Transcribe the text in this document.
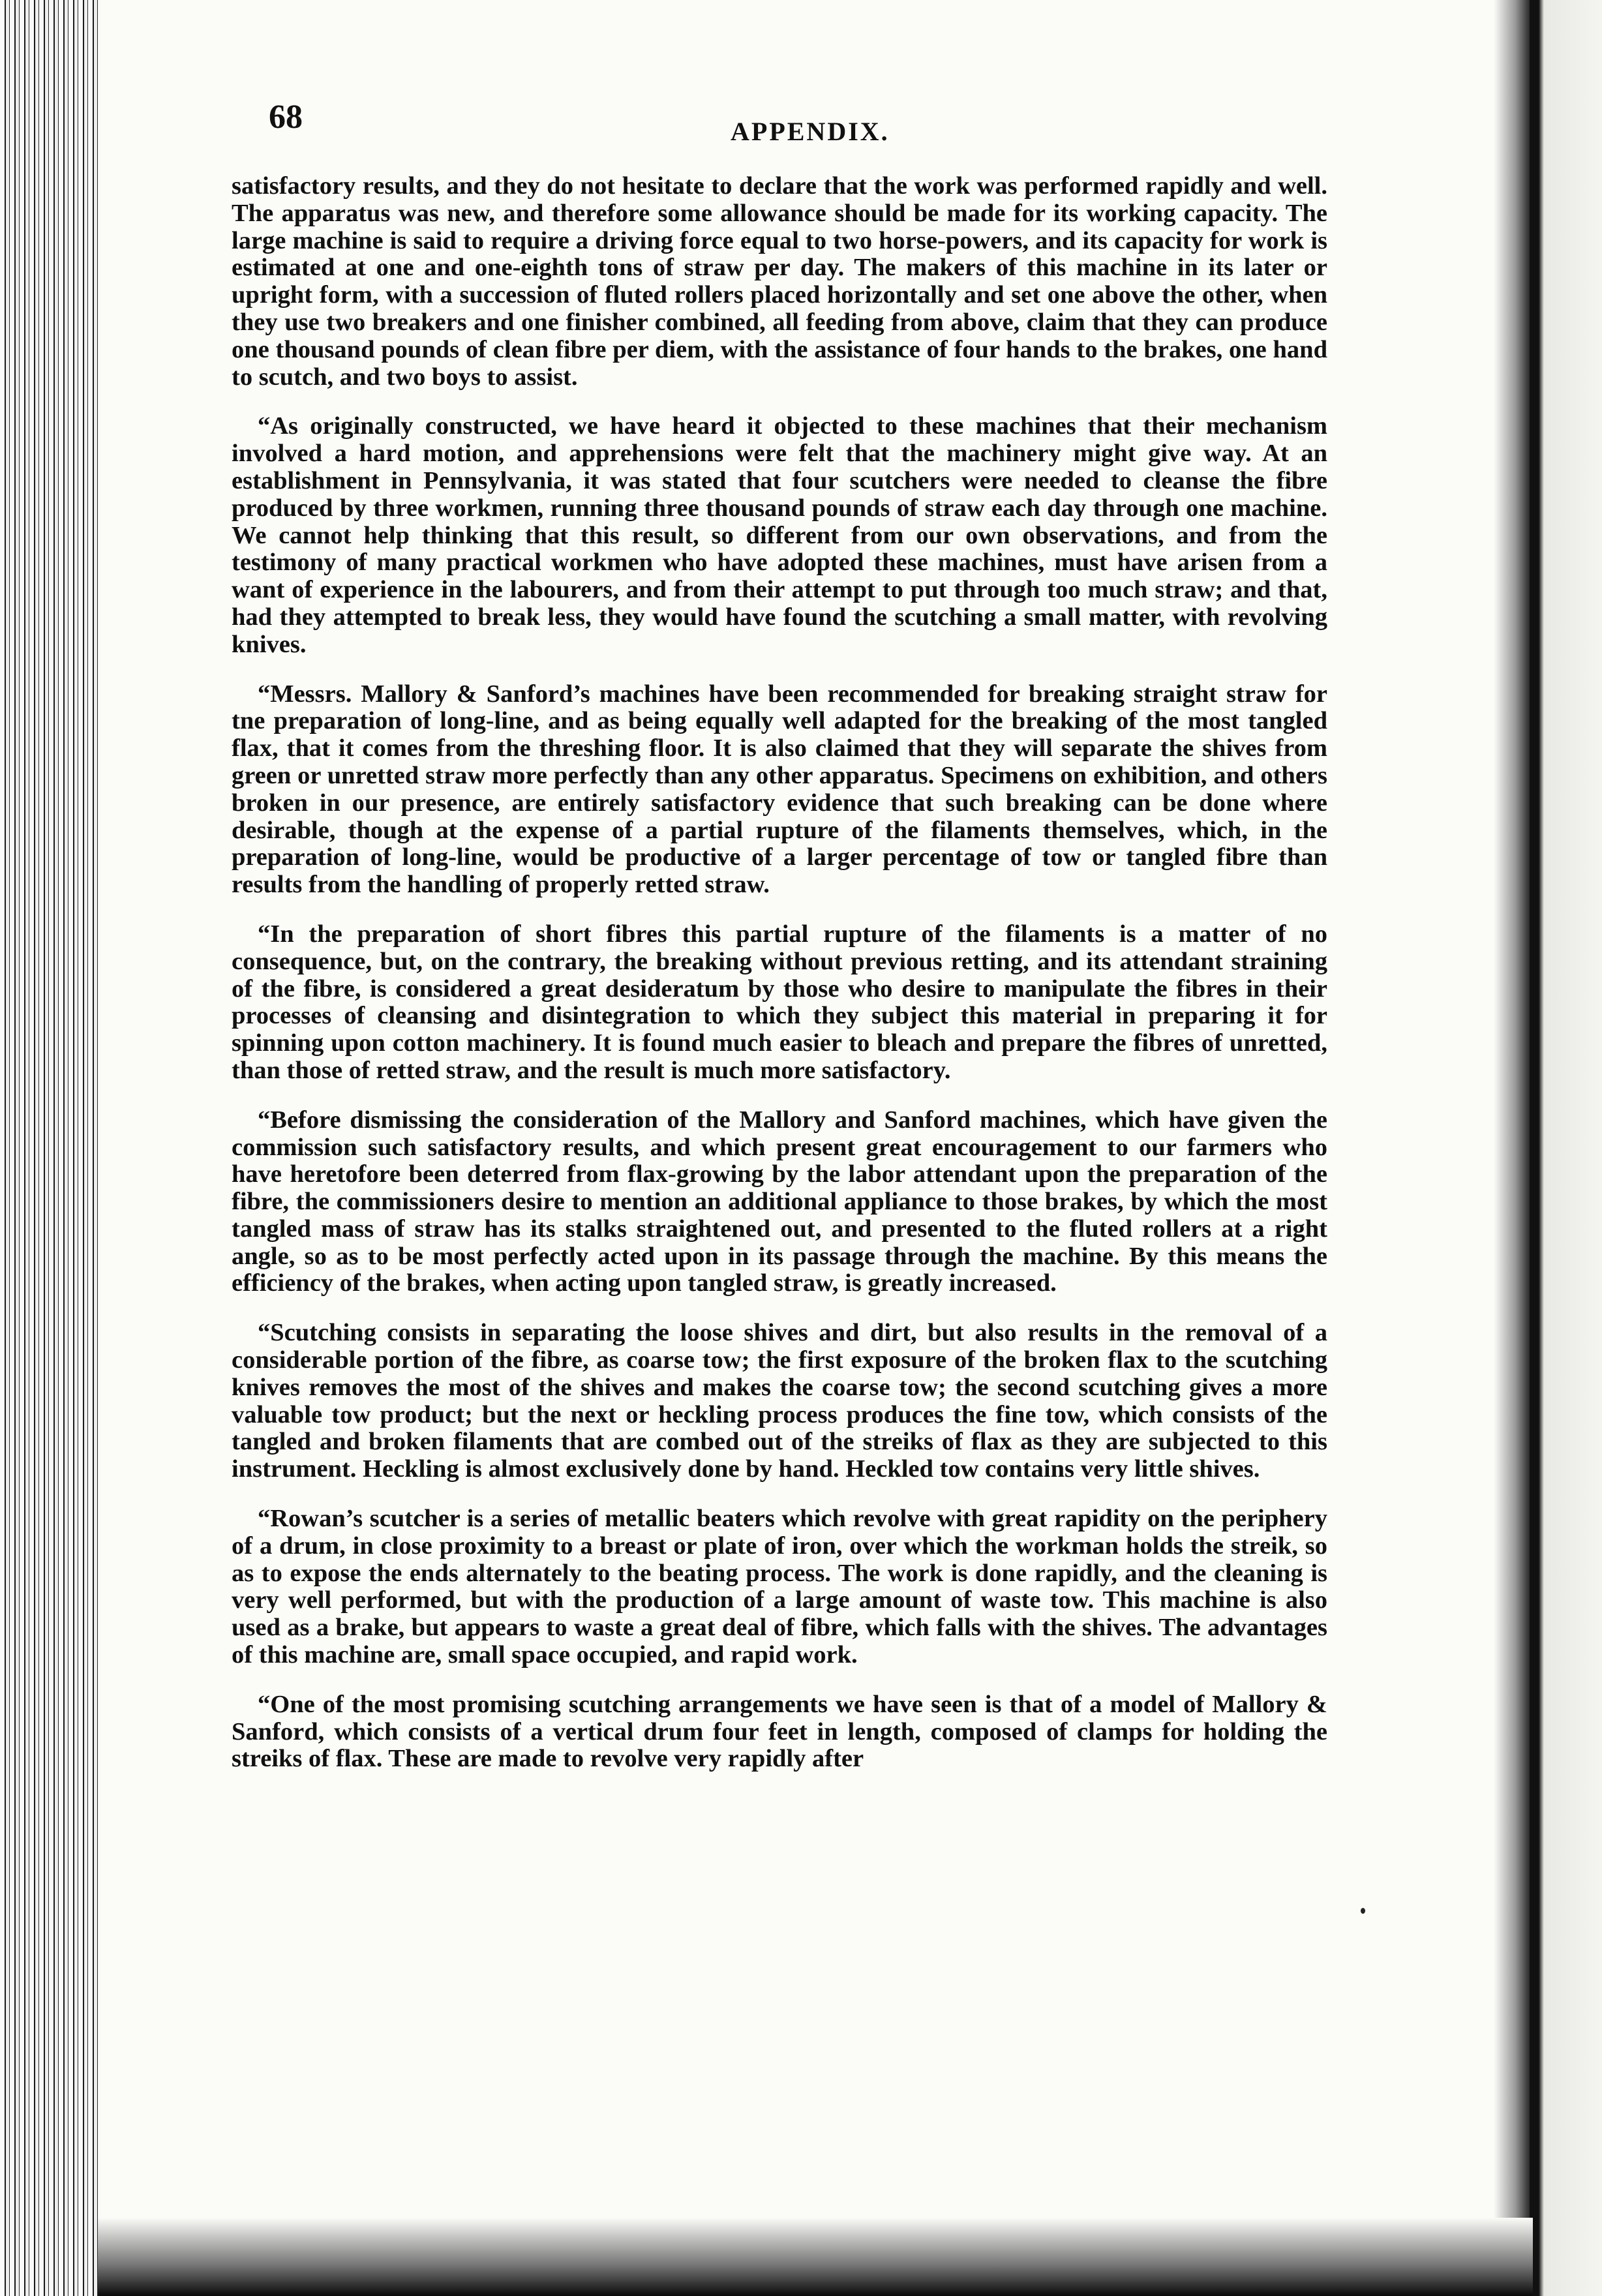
68	APPENDIX.

satisfactory results, and they do not hesitate to declare that the work was performed rapidly and well. The apparatus was new, and therefore some allowance should be made for its working capacity. The large machine is said to require a driving force equal to two horse-powers, and its capacity for work is estimated at one and one-eighth tons of straw per day. The makers of this machine in its later or upright form, with a succession of fluted rollers placed horizontally and set one above the other, when they use two breakers and one finisher combined, all feeding from above, claim that they can produce one thousand pounds of clean fibre per diem, with the assistance of four hands to the brakes, one hand to scutch, and two boys to assist.

“As originally constructed, we have heard it objected to these machines that their mechanism involved a hard motion, and apprehensions were felt that the machinery might give way. At an establishment in Pennsylvania, it was stated that four scutchers were needed to cleanse the fibre produced by three workmen, running three thousand pounds of straw each day through one machine. We cannot help thinking that this result, so different from our own observations, and from the testimony of many practical workmen who have adopted these machines, must have arisen from a want of experience in the labourers, and from their attempt to put through too much straw; and that, had they attempted to break less, they would have found the scutching a small matter, with revolving knives.

“Messrs. Mallory & Sanford’s machines have been recommended for breaking straight straw for tne preparation of long-line, and as being equally well adapted for the breaking of the most tangled flax, that it comes from the threshing floor. It is also claimed that they will separate the shives from green or unretted straw more perfectly than any other apparatus. Specimens on exhibition, and others broken in our presence, are entirely satisfactory evidence that such breaking can be done where desirable, though at the expense of a partial rupture of the filaments themselves, which, in the preparation of long-line, would be productive of a larger percentage of tow or tangled fibre than results from the handling of properly retted straw.

“In the preparation of short fibres this partial rupture of the filaments is a matter of no consequence, but, on the contrary, the breaking without previous retting, and its attendant straining of the fibre, is considered a great desideratum by those who desire to manipulate the fibres in their processes of cleansing and disintegration to which they subject this material in preparing it for spinning upon cotton machinery. It is found much easier to bleach and prepare the fibres of unretted, than those of retted straw, and the result is much more satisfactory.

“Before dismissing the consideration of the Mallory and Sanford machines, which have given the commission such satisfactory results, and which present great encouragement to our farmers who have heretofore been deterred from flax-growing by the labor attendant upon the preparation of the fibre, the commissioners desire to mention an additional appliance to those brakes, by which the most tangled mass of straw has its stalks straightened out, and presented to the fluted rollers at a right angle, so as to be most perfectly acted upon in its passage through the machine. By this means the efficiency of the brakes, when acting upon tangled straw, is greatly increased.

“Scutching consists in separating the loose shives and dirt, but also results in the removal of a considerable portion of the fibre, as coarse tow; the first exposure of the broken flax to the scutching knives removes the most of the shives and makes the coarse tow; the second scutching gives a more valuable tow product; but the next or heckling process produces the fine tow, which consists of the tangled and broken filaments that are combed out of the streiks of flax as they are subjected to this instrument. Heckling is almost exclusively done by hand. Heckled tow contains very little shives.

“Rowan’s scutcher is a series of metallic beaters which revolve with great rapidity on the periphery of a drum, in close proximity to a breast or plate of iron, over which the workman holds the streik, so as to expose the ends alternately to the beating process. The work is done rapidly, and the cleaning is very well performed, but with the production of a large amount of waste tow. This machine is also used as a brake, but appears to waste a great deal of fibre, which falls with the shives. The advantages of this machine are, small space occupied, and rapid work.

“One of the most promising scutching arrangements we have seen is that of a model of Mallory & Sanford, which consists of a vertical drum four feet in length, composed of clamps for holding the streiks of flax. These are made to revolve very rapidly after
